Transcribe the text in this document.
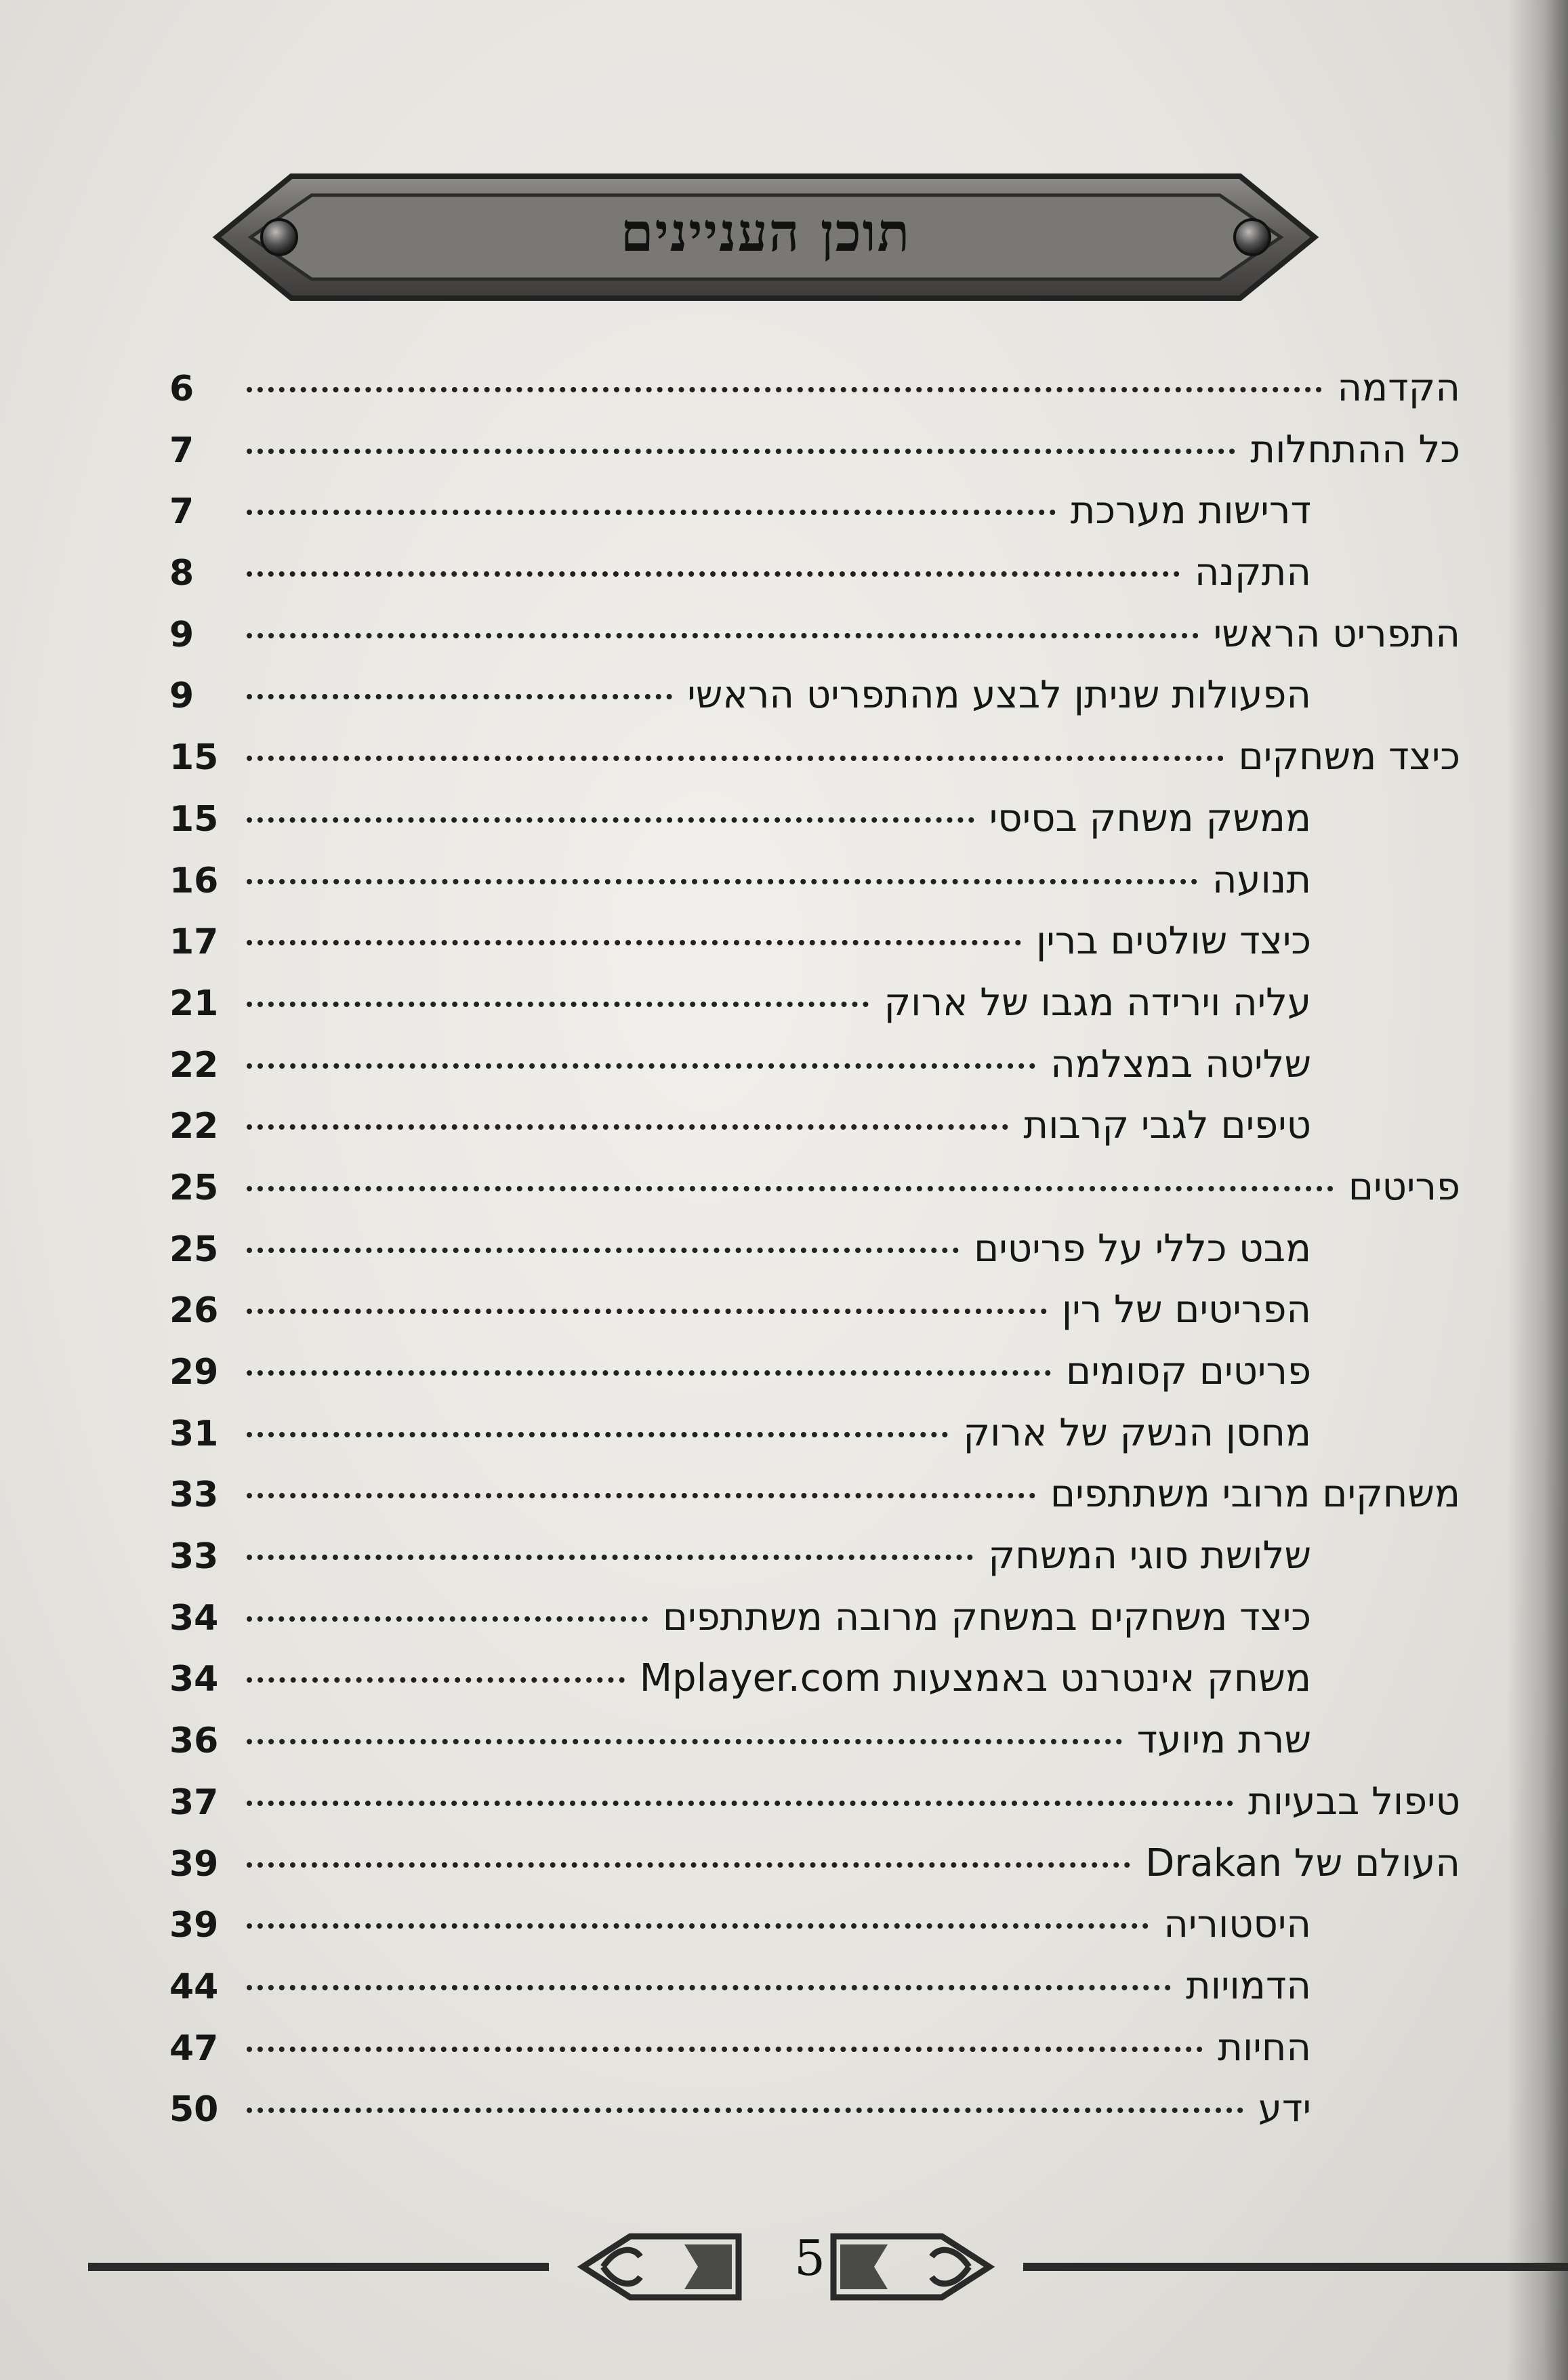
תוכן העניינים
הקדמה
6
כל ההתחלות
7
דרישות מערכת
7
התקנה
8
התפריט הראשי
9
הפעולות שניתן לבצע מהתפריט הראשי
9
כיצד משחקים
15
ממשק משחק בסיסי
15
תנועה
16
כיצד שולטים ברין
17
עליה וירידה מגבו של ארוק
21
שליטה במצלמה
22
טיפים לגבי קרבות
22
פריטים
25
מבט כללי על פריטים
25
הפריטים של רין
26
פריטים קסומים
29
מחסן הנשק של ארוק
31
משחקים מרובי משתתפים
33
שלושת סוגי המשחק
33
כיצד משחקים במשחק מרובה משתתפים
34
משחק אינטרנט באמצעות Mplayer.com
34
שרת מיועד
36
טיפול בבעיות
37
העולם של Drakan
39
היסטוריה
39
הדמויות
44
החיות
47
ידע
50
5
